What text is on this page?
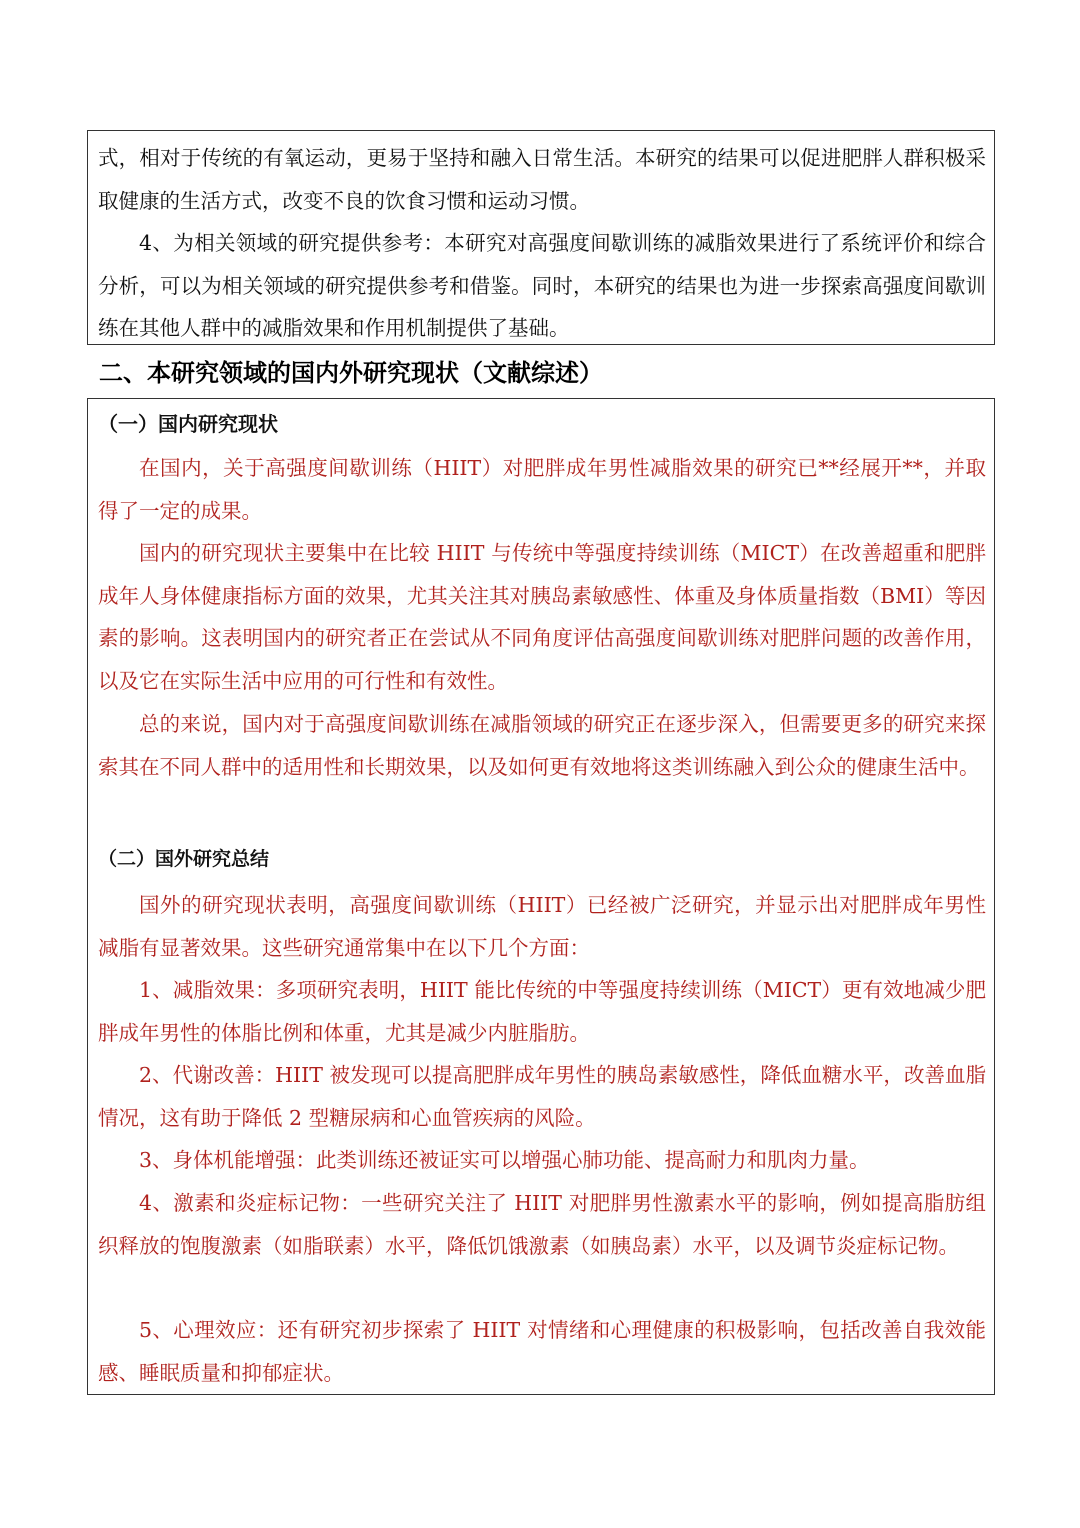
式，相对于传统的有氧运动，更易于坚持和融入日常生活。本研究的结果可以促进肥胖人群积极采取健康的生活方式，改变不良的饮食习惯和运动习惯。

4、为相关领域的研究提供参考：本研究对高强度间歇训练的减脂效果进行了系统评价和综合分析，可以为相关领域的研究提供参考和借鉴。同时，本研究的结果也为进一步探索高强度间歇训练在其他人群中的减脂效果和作用机制提供了基础。

二、本研究领域的国内外研究现状（文献综述）
（一）国内研究现状

在国内，关于高强度间歇训练（HIIT）对肥胖成年男性减脂效果的研究已**经展开**，并取得了一定的成果。

国内的研究现状主要集中在比较 HIIT 与传统中等强度持续训练（MICT）在改善超重和肥胖成年人身体健康指标方面的效果，尤其关注其对胰岛素敏感性、体重及身体质量指数（BMI）等因素的影响。这表明国内的研究者正在尝试从不同角度评估高强度间歇训练对肥胖问题的改善作用，以及它在实际生活中应用的可行性和有效性。

总的来说，国内对于高强度间歇训练在减脂领域的研究正在逐步深入，但需要更多的研究来探索其在不同人群中的适用性和长期效果，以及如何更有效地将这类训练融入到公众的健康生活中。

（二）国外研究总结

国外的研究现状表明，高强度间歇训练（HIIT）已经被广泛研究，并显示出对肥胖成年男性减脂有显著效果。这些研究通常集中在以下几个方面：

1、减脂效果：多项研究表明，HIIT 能比传统的中等强度持续训练（MICT）更有效地减少肥胖成年男性的体脂比例和体重，尤其是减少内脏脂肪。

2、代谢改善：HIIT 被发现可以提高肥胖成年男性的胰岛素敏感性，降低血糖水平，改善血脂情况，这有助于降低 2 型糖尿病和心血管疾病的风险。

3、身体机能增强：此类训练还被证实可以增强心肺功能、提高耐力和肌肉力量。

4、激素和炎症标记物：一些研究关注了 HIIT 对肥胖男性激素水平的影响，例如提高脂肪组织释放的饱腹激素（如脂联素）水平，降低饥饿激素（如胰岛素）水平，以及调节炎症标记物。

5、心理效应：还有研究初步探索了 HIIT 对情绪和心理健康的积极影响，包括改善自我效能感、睡眠质量和抑郁症状。
